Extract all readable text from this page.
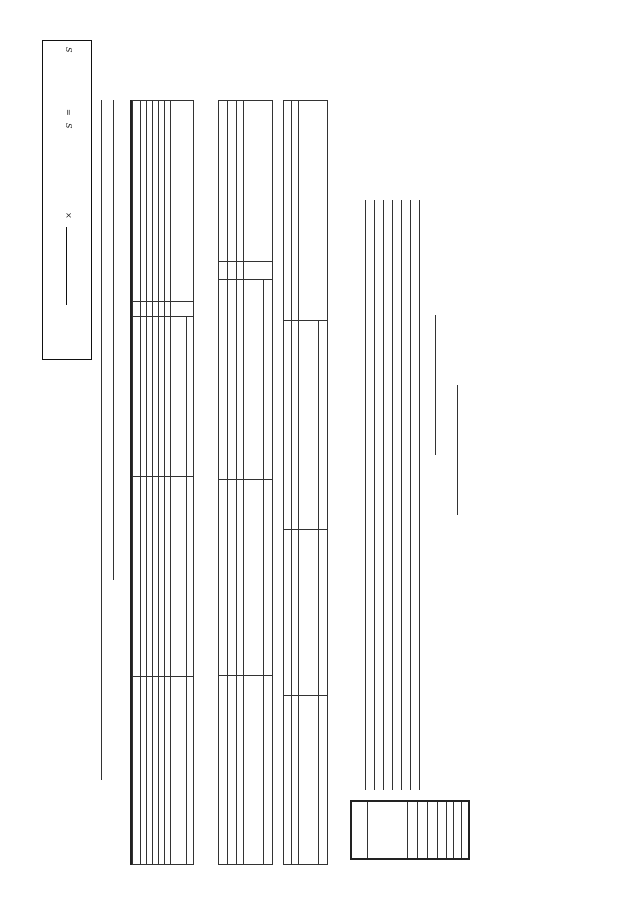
S
=
S
×
